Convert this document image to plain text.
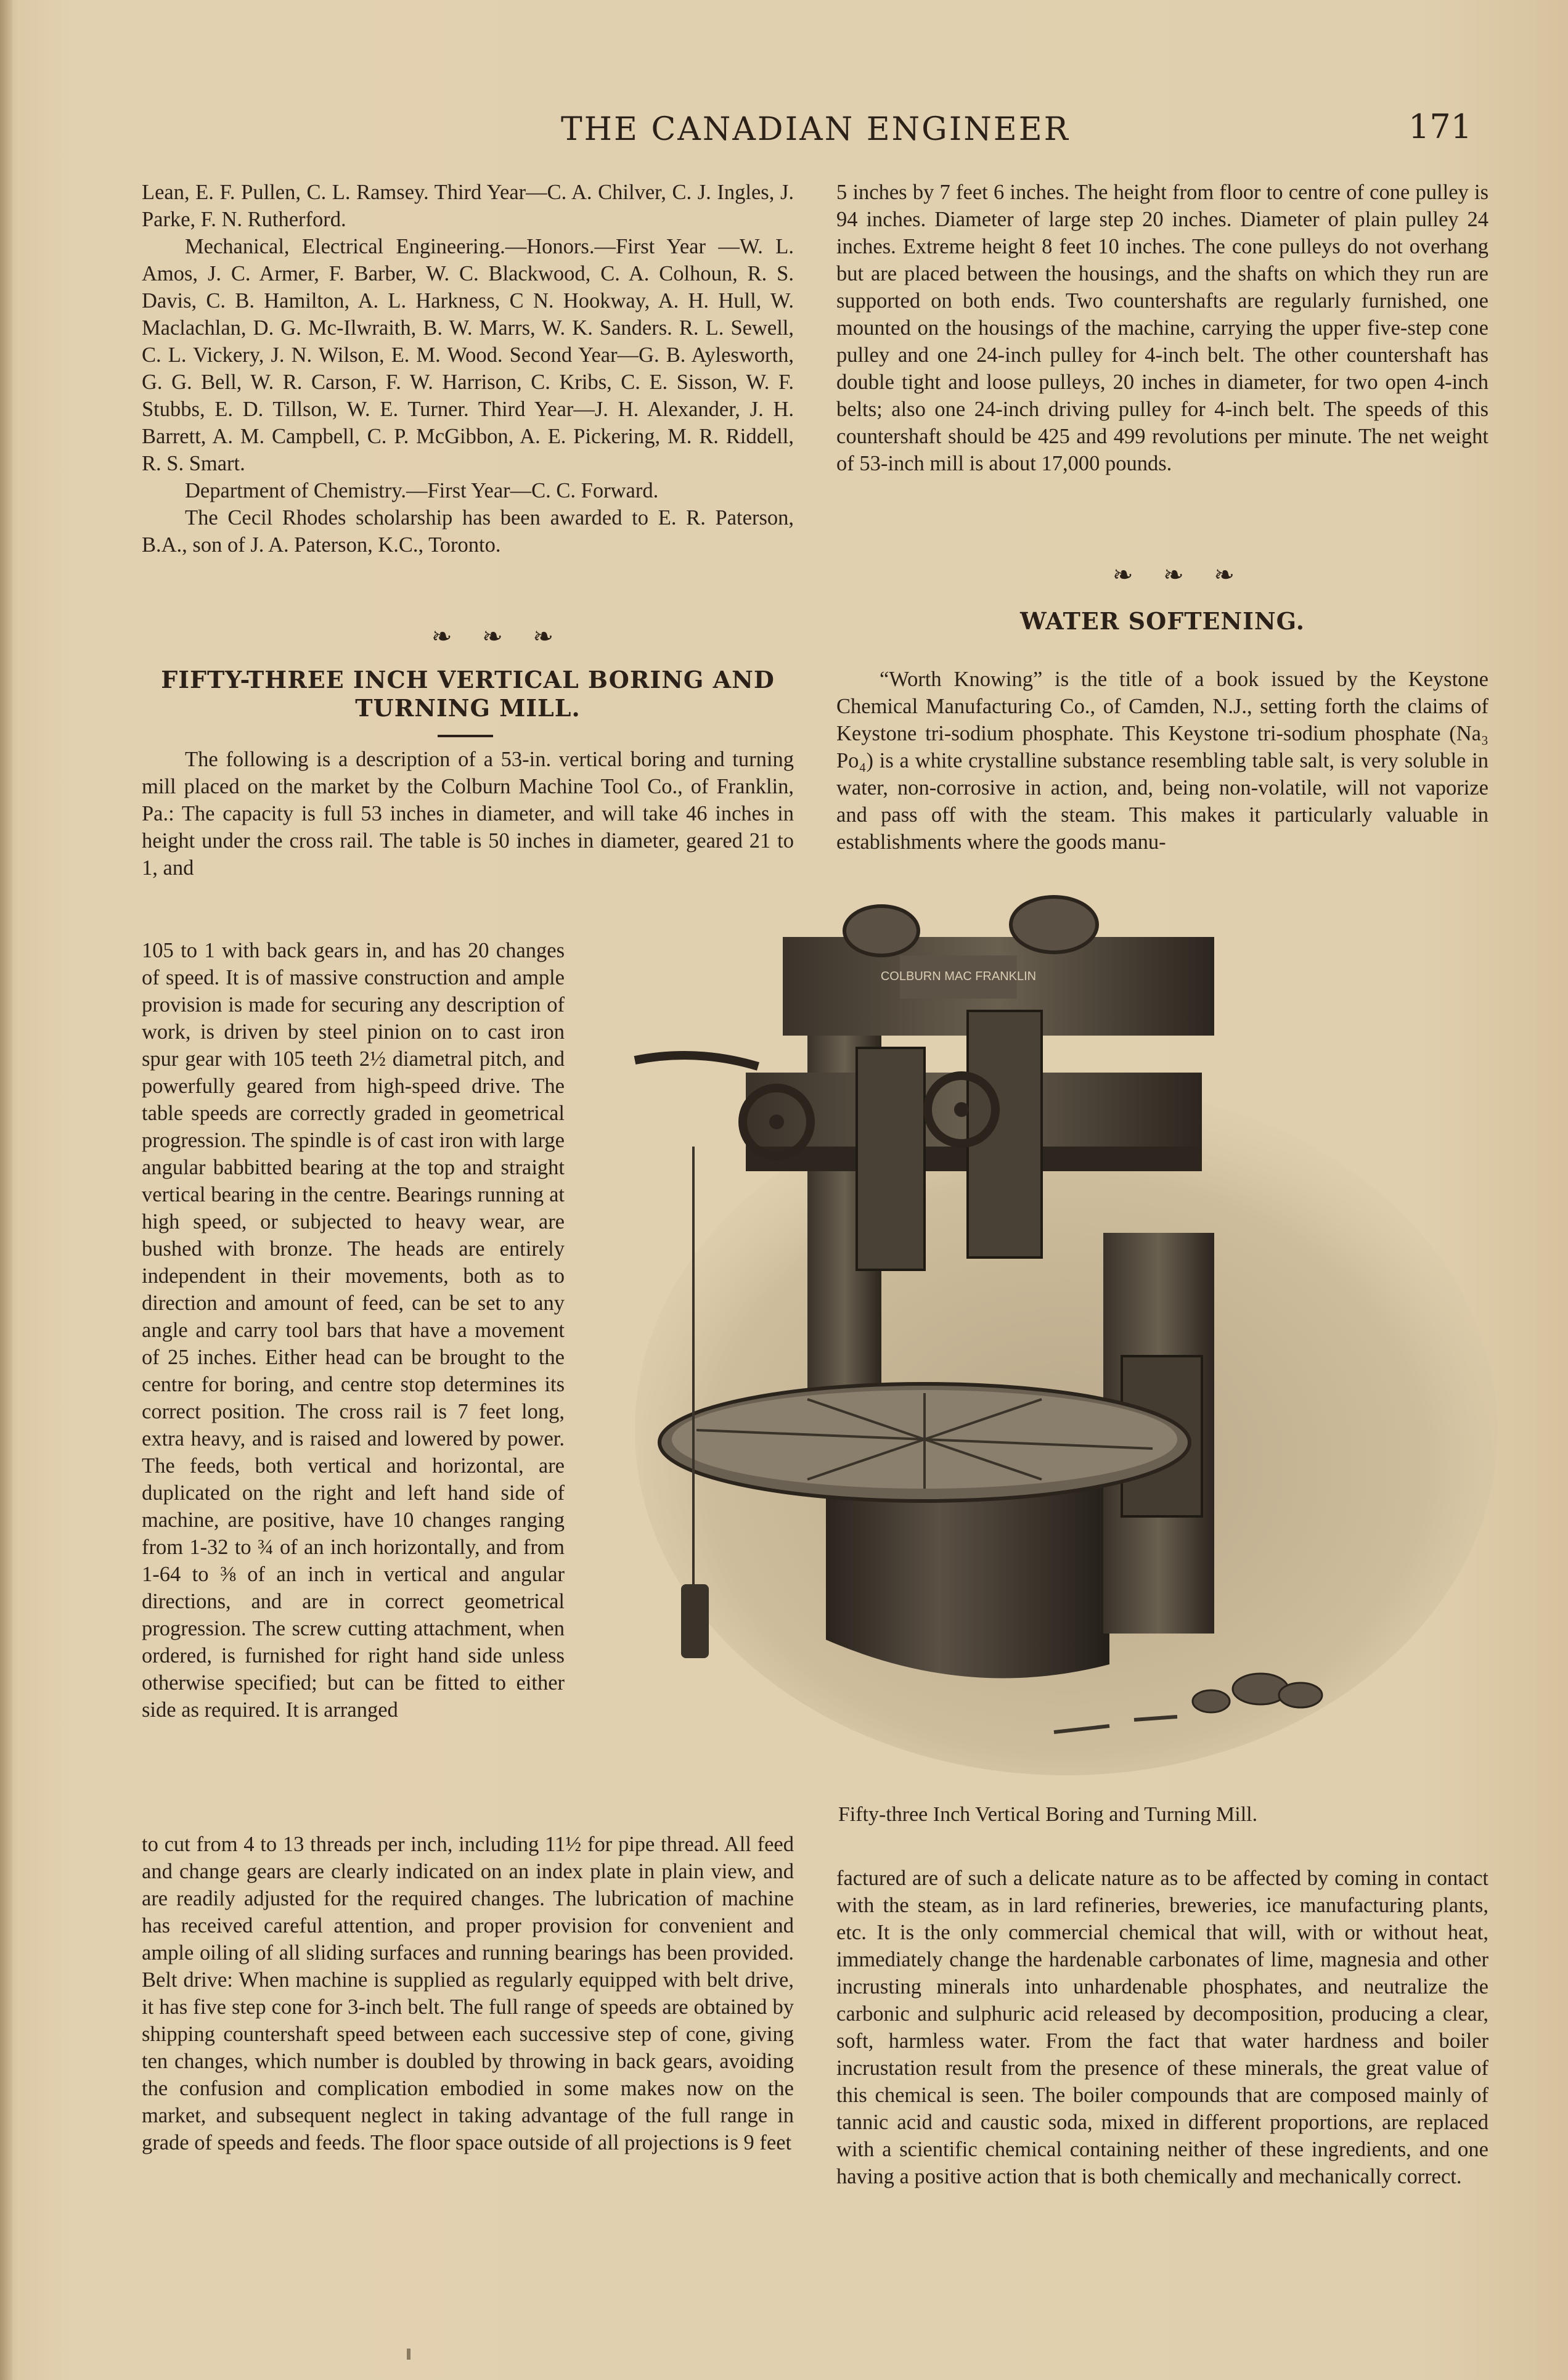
THE CANADIAN ENGINEER	171

Lean, E. F. Pullen, C. L. Ramsey. Third Year—C. A. Chilver, C. J. Ingles, J. Parke, F. N. Rutherford.

Mechanical, Electrical Engineering.—Honors.—First Year —W. L. Amos, J. C. Armer, F. Barber, W. C. Blackwood, C. A. Colhoun, R. S. Davis, C. B. Hamilton, A. L. Harkness, C N. Hookway, A. H. Hull, W. Maclachlan, D. G. Mc-Ilwraith, B. W. Marrs, W. K. Sanders. R. L. Sewell, C. L. Vickery, J. N. Wilson, E. M. Wood. Second Year—G. B. Aylesworth, G. G. Bell, W. R. Carson, F. W. Harrison, C. Kribs, C. E. Sisson, W. F. Stubbs, E. D. Tillson, W. E. Turner. Third Year—J. H. Alexander, J. H. Barrett, A. M. Campbell, C. P. McGibbon, A. E. Pickering, M. R. Riddell, R. S. Smart.

Department of Chemistry.—First Year—C. C. Forward.

The Cecil Rhodes scholarship has been awarded to E. R. Paterson, B.A., son of J. A. Paterson, K.C., Toronto.

❧ ❧ ❧
FIFTY-THREE INCH VERTICAL BORING AND TURNING MILL.

The following is a description of a 53-in. vertical boring and turning mill placed on the market by the Colburn Machine Tool Co., of Franklin, Pa.: The capacity is full 53 inches in diameter, and will take 46 inches in height under the cross rail. The table is 50 inches in diameter, geared 21 to 1, and

105 to 1 with back gears in, and has 20 changes of speed. It is of massive construction and ample provision is made for securing any description of work, is driven by steel pinion on to cast iron spur gear with 105 teeth 2½ diametral pitch, and powerfully geared from high-speed drive. The table speeds are correctly graded in geometrical progression. The spindle is of cast iron with large angular babbitted bearing at the top and straight vertical bearing in the centre. Bearings running at high speed, or subjected to heavy wear, are bushed with bronze. The heads are entirely independent in their movements, both as to direction and amount of feed, can be set to any angle and carry tool bars that have a movement of 25 inches. Either head can be brought to the centre for boring, and centre stop determines its correct position. The cross rail is 7 feet long, extra heavy, and is raised and lowered by power. The feeds, both vertical and horizontal, are duplicated on the right and left hand side of machine, are positive, have 10 changes ranging from 1-32 to ¾ of an inch horizontally, and from 1-64 to ⅜ of an inch in vertical and angular directions, and are in correct geometrical progression. The screw cutting attachment, when ordered, is furnished for right hand side unless otherwise specified; but can be fitted to either side as required. It is arranged

to cut from 4 to 13 threads per inch, including 11½ for pipe thread. All feed and change gears are clearly indicated on an index plate in plain view, and are readily adjusted for the required changes. The lubrication of machine has received careful attention, and proper provision for convenient and ample oiling of all sliding surfaces and running bearings has been provided. Belt drive: When machine is supplied as regularly equipped with belt drive, it has five step cone for 3-inch belt. The full range of speeds are obtained by shipping countershaft speed between each successive step of cone, giving ten changes, which number is doubled by throwing in back gears, avoiding the confusion and complication embodied in some makes now on the market, and subsequent neglect in taking advantage of the full range in grade of speeds and feeds. The floor space outside of all projections is 9 feet

5 inches by 7 feet 6 inches. The height from floor to centre of cone pulley is 94 inches. Diameter of large step 20 inches. Diameter of plain pulley 24 inches. Extreme height 8 feet 10 inches. The cone pulleys do not overhang but are placed between the housings, and the shafts on which they run are supported on both ends. Two countershafts are regularly furnished, one mounted on the housings of the machine, carrying the upper five-step cone pulley and one 24-inch pulley for 4-inch belt. The other countershaft has double tight and loose pulleys, 20 inches in diameter, for two open 4-inch belts; also one 24-inch driving pulley for 4-inch belt. The speeds of this countershaft should be 425 and 499 revolutions per minute. The net weight of 53-inch mill is about 17,000 pounds.

❧ ❧ ❧
WATER SOFTENING.

“Worth Knowing” is the title of a book issued by the Keystone Chemical Manufacturing Co., of Camden, N.J., setting forth the claims of Keystone tri-sodium phosphate. This Keystone tri-sodium phosphate (Na₃ Po₄) is a white crystalline substance resembling table salt, is very soluble in water, non-corrosive in action, and, being non-volatile, will not vaporize and pass off with the steam. This makes it particularly valuable in establishments where the goods manu-

COLBURN MAC FRANKLIN
Fifty-three Inch Vertical Boring and Turning Mill.

factured are of such a delicate nature as to be affected by coming in contact with the steam, as in lard refineries, breweries, ice manufacturing plants, etc. It is the only commercial chemical that will, with or without heat, immediately change the hardenable carbonates of lime, magnesia and other incrusting minerals into unhardenable phosphates, and neutralize the carbonic and sulphuric acid released by decomposition, producing a clear, soft, harmless water. From the fact that water hardness and boiler incrustation result from the presence of these minerals, the great value of this chemical is seen. The boiler compounds that are composed mainly of tannic acid and caustic soda, mixed in different proportions, are replaced with a scientific chemical containing neither of these ingredients, and one having a positive action that is both chemically and mechanically correct.
